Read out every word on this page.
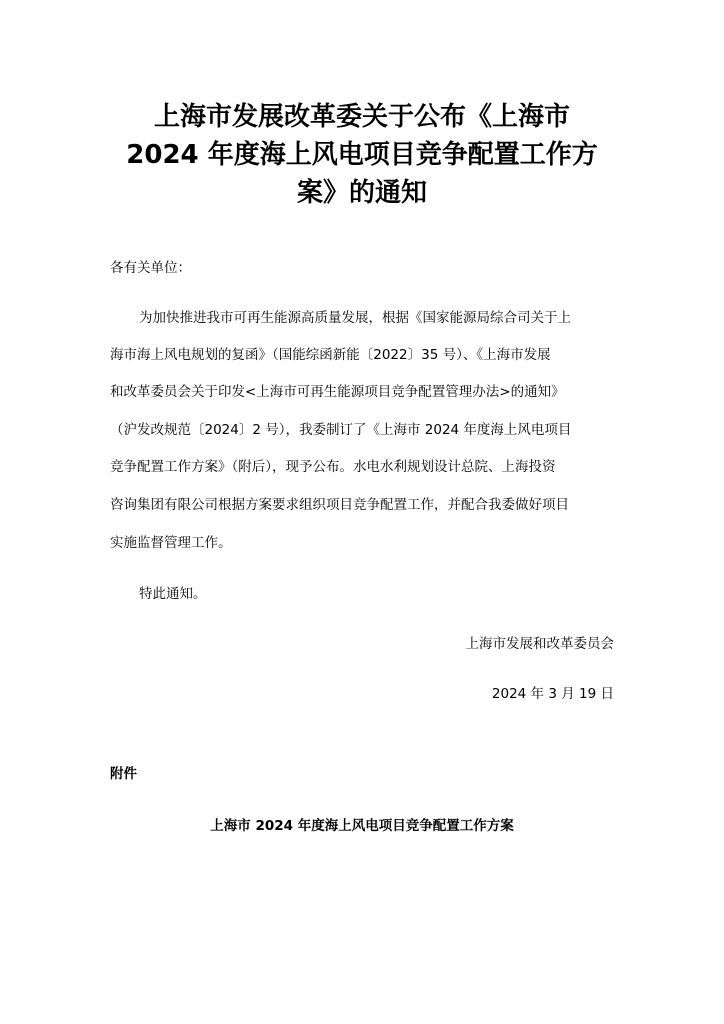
上海市发展改革委关于公布《上海市
2024 年度海上风电项目竞争配置工作方
案》的通知
各有关单位：
为加快推进我市可再生能源高质量发展，根据《国家能源局综合司关于上
海市海上风电规划的复函》（国能综函新能〔2022〕35 号）、《上海市发展
和改革委员会关于印发<上海市可再生能源项目竞争配置管理办法>的通知》
（沪发改规范〔2024〕2 号），我委制订了《上海市 2024 年度海上风电项目
竞争配置工作方案》（附后），现予公布。水电水利规划设计总院、上海投资
咨询集团有限公司根据方案要求组织项目竞争配置工作，并配合我委做好项目
实施监督管理工作。
特此通知。
上海市发展和改革委员会
2024 年 3 月 19 日
附件
上海市 2024 年度海上风电项目竞争配置工作方案
